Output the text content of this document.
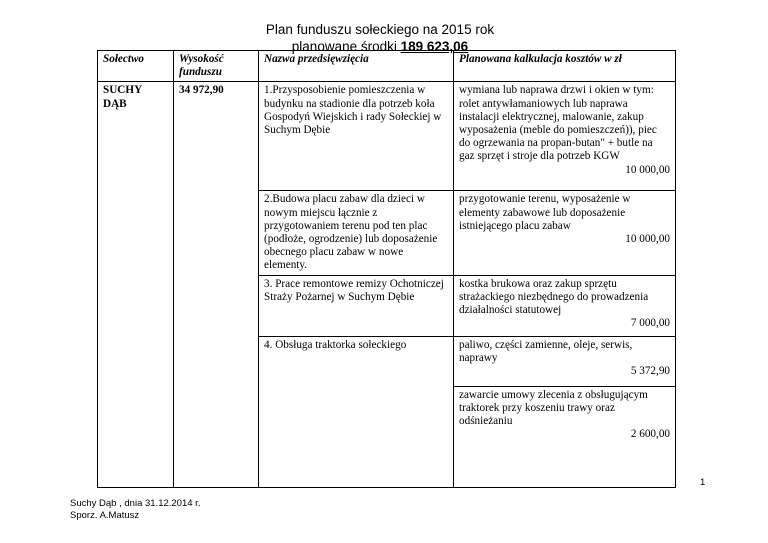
Plan funduszu sołeckiego na 2015 rok
planowane środki 189 623,06
Sołectwo	Wysokość funduszu	Nazwa przedsięwzięcia	Planowana kalkulacja kosztów w zł
SUCHY DĄB	34 972,90	1.Przysposobienie pomieszczenia w budynku na stadionie dla potrzeb koła Gospodyń Wiejskich i rady Sołeckiej w Suchym Dębie	wymiana lub naprawa drzwi i okien w tym: rolet antywłamaniowych lub naprawa instalacji elektrycznej, malowanie, zakup wyposażenia (meble do pomieszczeń)), piec do ogrzewania na propan-butan" + butle na gaz sprzęt i stroje dla potrzeb KGW
10 000,00

		2.Budowa placu zabaw dla dzieci w nowym miejscu łącznie z przygotowaniem terenu pod ten plac (podłoże, ogrodzenie) lub doposażenie obecnego placu zabaw w nowe elementy.	przygotowanie terenu, wyposażenie w elementy zabawowe lub doposażenie istniejącego placu zabaw
10 000,00

		3. Prace remontowe remizy Ochotniczej Straży Pożarnej w Suchym Dębie	kostka brukowa oraz zakup sprzętu strażackiego niezbędnego do prowadzenia działalności statutowej
7 000,00

		4. Obsługa traktorka sołeckiego	paliwo, części zamienne, oleje, serwis, naprawy
5 372,90

			zawarcie umowy zlecenia z obsługującym traktorek przy koszeniu trawy oraz odśnieżaniu
2 600,00
1
Suchy Dąb , dnia 31.12.2014 r.
Sporz. A.Matusz
